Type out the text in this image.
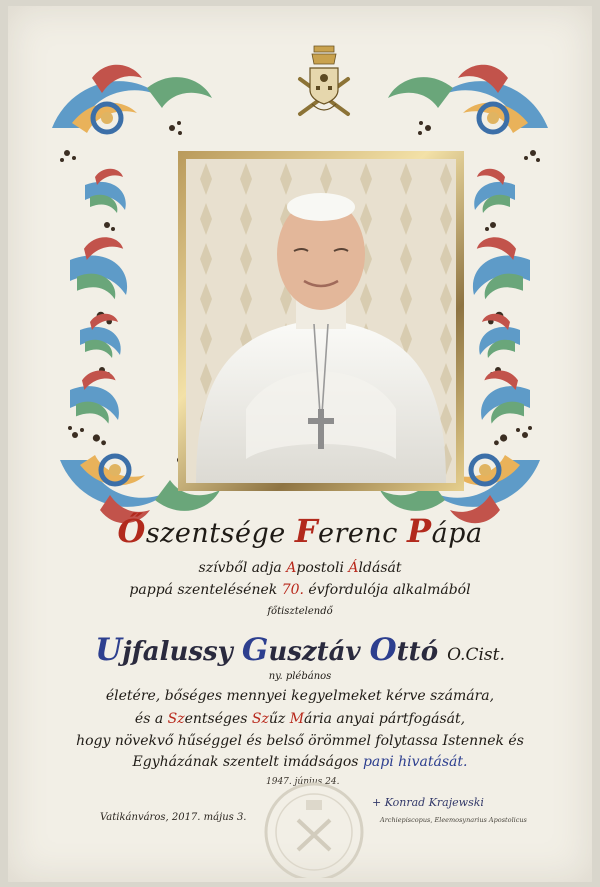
Őszentsége Ferenc Pápa
szívből adja Apostoli Áldását
pappá szentelésének 70. évfordulója alkalmából
főtisztelendő
Ujfalussy Gusztáv Ottó O.Cist.
ny. plébános
életére, bőséges mennyei kegyelmeket kérve számára,
és a Szentséges Szűz Mária anyai pártfogását,
hogy növekvő hűséggel és belső örömmel folytassa Istennek és
Egyházának szentelt imádságos papi hivatását.
1947. június 24.
Vatikánváros, 2017. május 3.
+ Konrad Krajewski
Archiepiscopus, Eleemosynarius Apostolicus
